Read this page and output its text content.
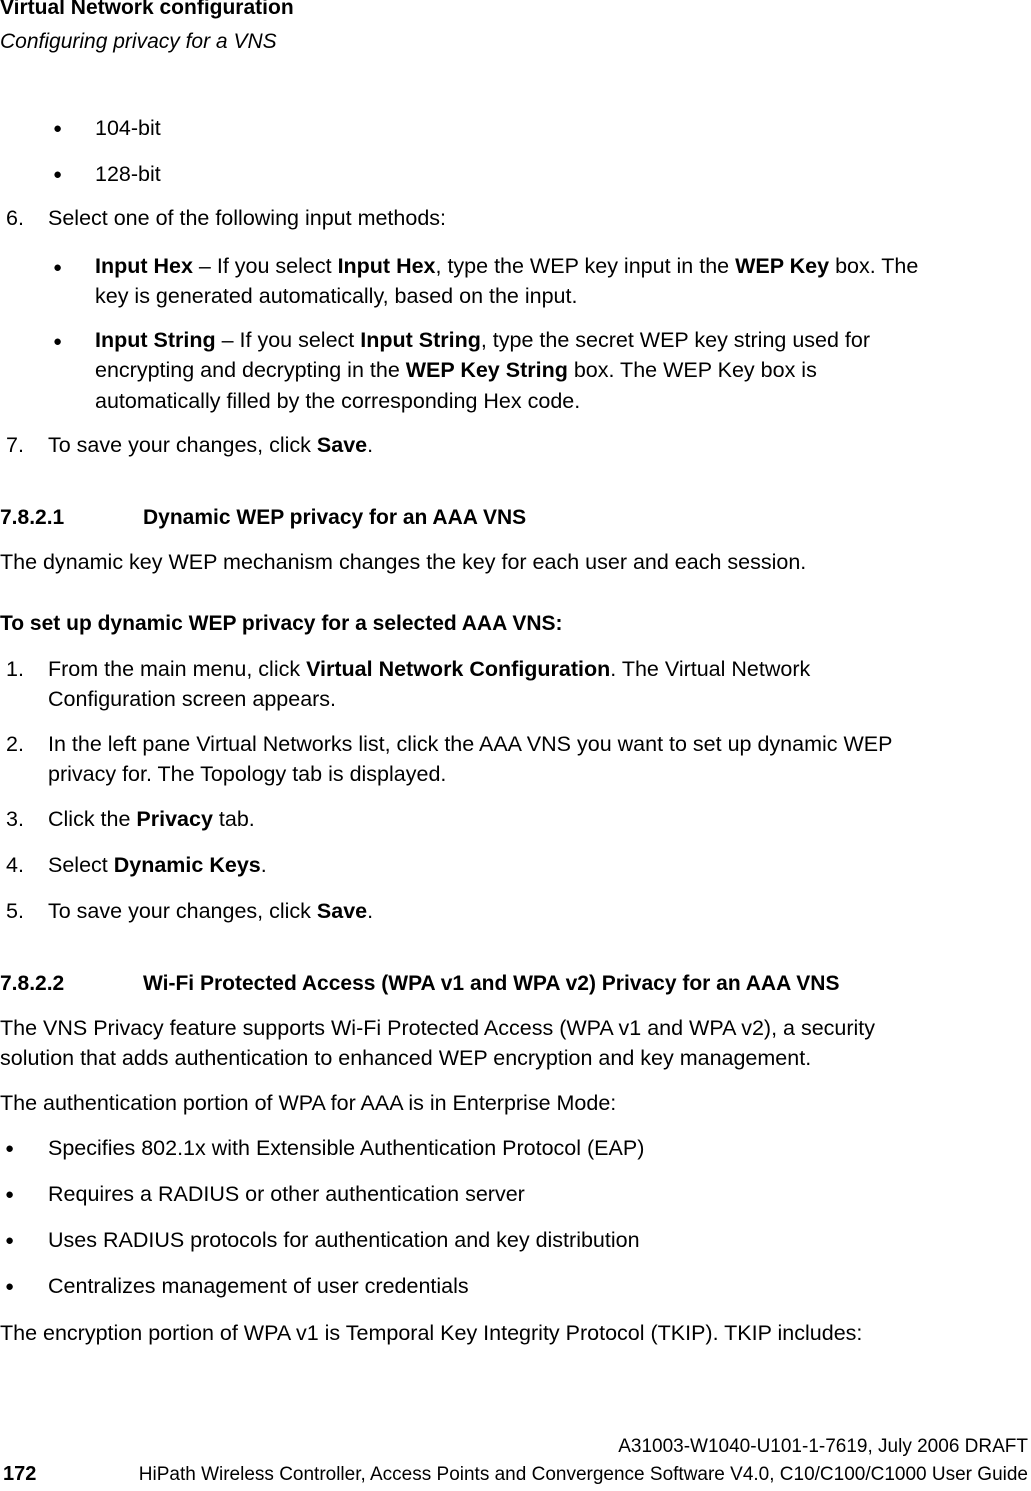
Virtual Network configuration
Configuring privacy for a VNS
● 104-bit
● 128-bit
6. Select one of the following input methods:
● Input Hex – If you select Input Hex, type the WEP key input in the WEP Key box. The
key is generated automatically, based on the input.
● Input String – If you select Input String, type the secret WEP key string used for
encrypting and decrypting in the WEP Key String box. The WEP Key box is
automatically filled by the corresponding Hex code.
7. To save your changes, click Save.
7.8.2.1	Dynamic WEP privacy for an AAA VNS
The dynamic key WEP mechanism changes the key for each user and each session.
To set up dynamic WEP privacy for a selected AAA VNS:
1. From the main menu, click Virtual Network Configuration. The Virtual Network
Configuration screen appears.
2. In the left pane Virtual Networks list, click the AAA VNS you want to set up dynamic WEP
privacy for. The Topology tab is displayed.
3. Click the Privacy tab.
4. Select Dynamic Keys.
5. To save your changes, click Save.
7.8.2.2	Wi-Fi Protected Access (WPA v1 and WPA v2) Privacy for an AAA VNS
The VNS Privacy feature supports Wi-Fi Protected Access (WPA v1 and WPA v2), a security
solution that adds authentication to enhanced WEP encryption and key management.
The authentication portion of WPA for AAA is in Enterprise Mode:
● Specifies 802.1x with Extensible Authentication Protocol (EAP)
● Requires a RADIUS or other authentication server
● Uses RADIUS protocols for authentication and key distribution
● Centralizes management of user credentials
The encryption portion of WPA v1 is Temporal Key Integrity Protocol (TKIP). TKIP includes:
A31003-W1040-U101-1-7619, July 2006 DRAFT
172	HiPath Wireless Controller, Access Points and Convergence Software V4.0, C10/C100/C1000 User Guide
